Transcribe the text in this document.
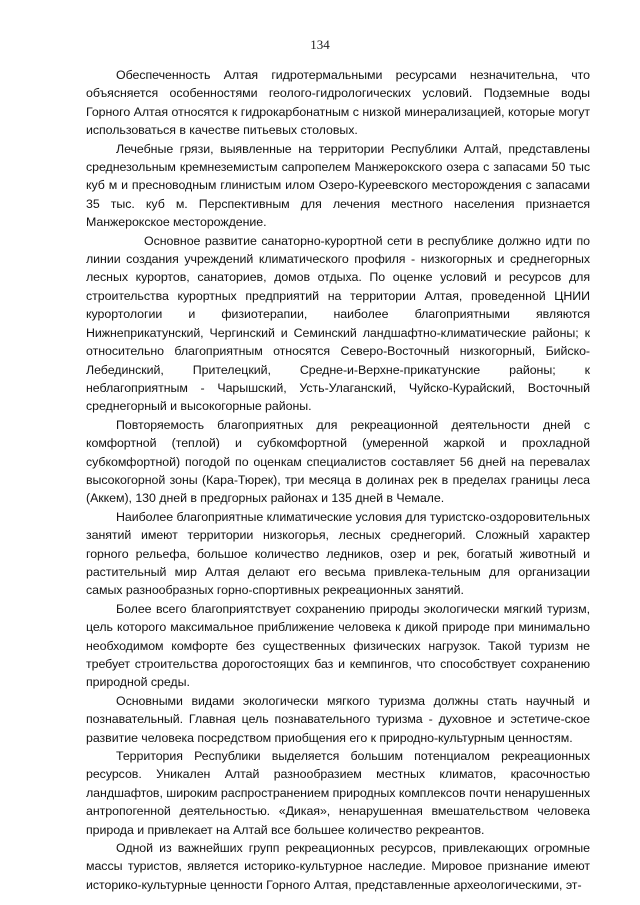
134

Обеспеченность Алтая гидротермальными ресурсами незначительна, что объясняется особенностями геолого-гидрологических условий. Подземные воды Горного Алтая относятся к гидрокарбонатным с низкой минерализацией, которые могут использоваться в качестве питьевых столовых.

Лечебные грязи, выявленные на территории Республики Алтай, представлены среднезольным кремнеземистым сапропелем Манжерокского озера с запасами 50 тыс куб м и пресноводным глинистым илом Озеро-Куреевского месторождения с запасами 35 тыс. куб м. Перспективным для лечения местного населения признается Манжерокское месторождение.

Основное развитие санаторно-курортной сети в республике должно идти по линии создания учреждений климатического профиля - низкогорных и среднегорных лесных курортов, санаториев, домов отдыха. По оценке условий и ресурсов для строительства курортных предприятий на территории Алтая, проведенной ЦНИИ курортологии и физиотерапии, наиболее благоприятными являются Нижнеприкатунский, Чергинский и Семинский ландшафтно-климатические районы; к относительно благоприятным относятся Северо-Восточный низкогорный, Бийско-Лебединский, Прителецкий, Средне-и-Верхне-прикатунские районы; к неблагоприятным - Чарышский, Усть-Улаганский, Чуйско-Курайский, Восточный среднегорный и высокогорные районы.

Повторяемость благоприятных для рекреационной деятельности дней с комфортной (теплой) и субкомфортной (умеренной жаркой и прохладной субкомфортной) погодой по оценкам специалистов составляет 56 дней на перевалах высокогорной зоны (Кара-Тюрек), три месяца в долинах рек в пределах границы леса (Аккем), 130 дней в предгорных районах и 135 дней в Чемале.

Наиболее благоприятные климатические условия для туристско-оздоровительных занятий имеют территории низкогорья, лесных среднегорий. Сложный характер горного рельефа, большое количество ледников, озер и рек, богатый животный и растительный мир Алтая делают его весьма привлека-тельным для организации самых разнообразных горно-спортивных рекреационных занятий.

Более всего благоприятствует сохранению природы экологически мягкий туризм, цель которого максимальное приближение человека к дикой природе при минимально необходимом комфорте без существенных физических нагрузок. Такой туризм не требует строительства дорогостоящих баз и кемпингов, что способствует сохранению природной среды.

Основными видами экологически мягкого туризма должны стать научный и познавательный. Главная цель познавательного туризма - духовное и эстетиче-ское развитие человека посредством приобщения его к природно-культурным ценностям.

Территория Республики выделяется большим потенциалом рекреационных ресурсов. Уникален Алтай разнообразием местных климатов, красочностью ландшафтов, широким распространением природных комплексов почти ненарушенных антропогенной деятельностью. «Дикая», ненарушенная вмешательством человека природа и привлекает на Алтай все большее количество рекреантов.

Одной из важнейших групп рекреационных ресурсов, привлекающих огромные массы туристов, является историко-культурное наследие. Мировое признание имеют историко-культурные ценности Горного Алтая, представленные археологическими, эт-
